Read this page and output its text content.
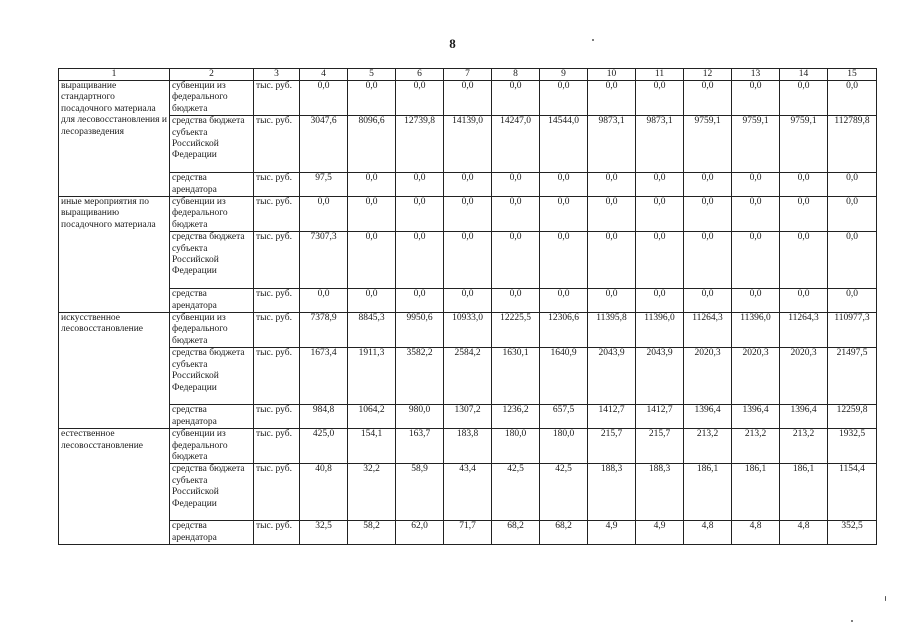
8
1	2	3	4	5	6	7	8	9	10	11	12	13	14	15
выращивание стандартного посадочного материала для лесовосстановления и лесоразведения	субвенции из федерального бюджета	тыс. руб.	0,0	0,0	0,0	0,0	0,0	0,0	0,0	0,0	0,0	0,0	0,0	0,0
	средства бюджета субъекта Российской Федерации	тыс. руб.	3047,6	8096,6	12739,8	14139,0	14247,0	14544,0	9873,1	9873,1	9759,1	9759,1	9759,1	112789,8
	средства арендатора	тыс. руб.	97,5	0,0	0,0	0,0	0,0	0,0	0,0	0,0	0,0	0,0	0,0	0,0
иные мероприятия по выращиванию посадочного материала	субвенции из федерального бюджета	тыс. руб.	0,0	0,0	0,0	0,0	0,0	0,0	0,0	0,0	0,0	0,0	0,0	0,0
	средства бюджета субъекта Российской Федерации	тыс. руб.	7307,3	0,0	0,0	0,0	0,0	0,0	0,0	0,0	0,0	0,0	0,0	0,0
	средства арендатора	тыс. руб.	0,0	0,0	0,0	0,0	0,0	0,0	0,0	0,0	0,0	0,0	0,0	0,0
искусственное лесовосстановление	субвенции из федерального бюджета	тыс. руб.	7378,9	8845,3	9950,6	10933,0	12225,5	12306,6	11395,8	11396,0	11264,3	11396,0	11264,3	110977,3
	средства бюджета субъекта Российской Федерации	тыс. руб.	1673,4	1911,3	3582,2	2584,2	1630,1	1640,9	2043,9	2043,9	2020,3	2020,3	2020,3	21497,5
	средства арендатора	тыс. руб.	984,8	1064,2	980,0	1307,2	1236,2	657,5	1412,7	1412,7	1396,4	1396,4	1396,4	12259,8
естественное лесовосстановление	субвенции из федерального бюджета	тыс. руб.	425,0	154,1	163,7	183,8	180,0	180,0	215,7	215,7	213,2	213,2	213,2	1932,5
	средства бюджета субъекта Российской Федерации	тыс. руб.	40,8	32,2	58,9	43,4	42,5	42,5	188,3	188,3	186,1	186,1	186,1	1154,4
	средства арендатора	тыс. руб.	32,5	58,2	62,0	71,7	68,2	68,2	4,9	4,9	4,8	4,8	4,8	352,5
